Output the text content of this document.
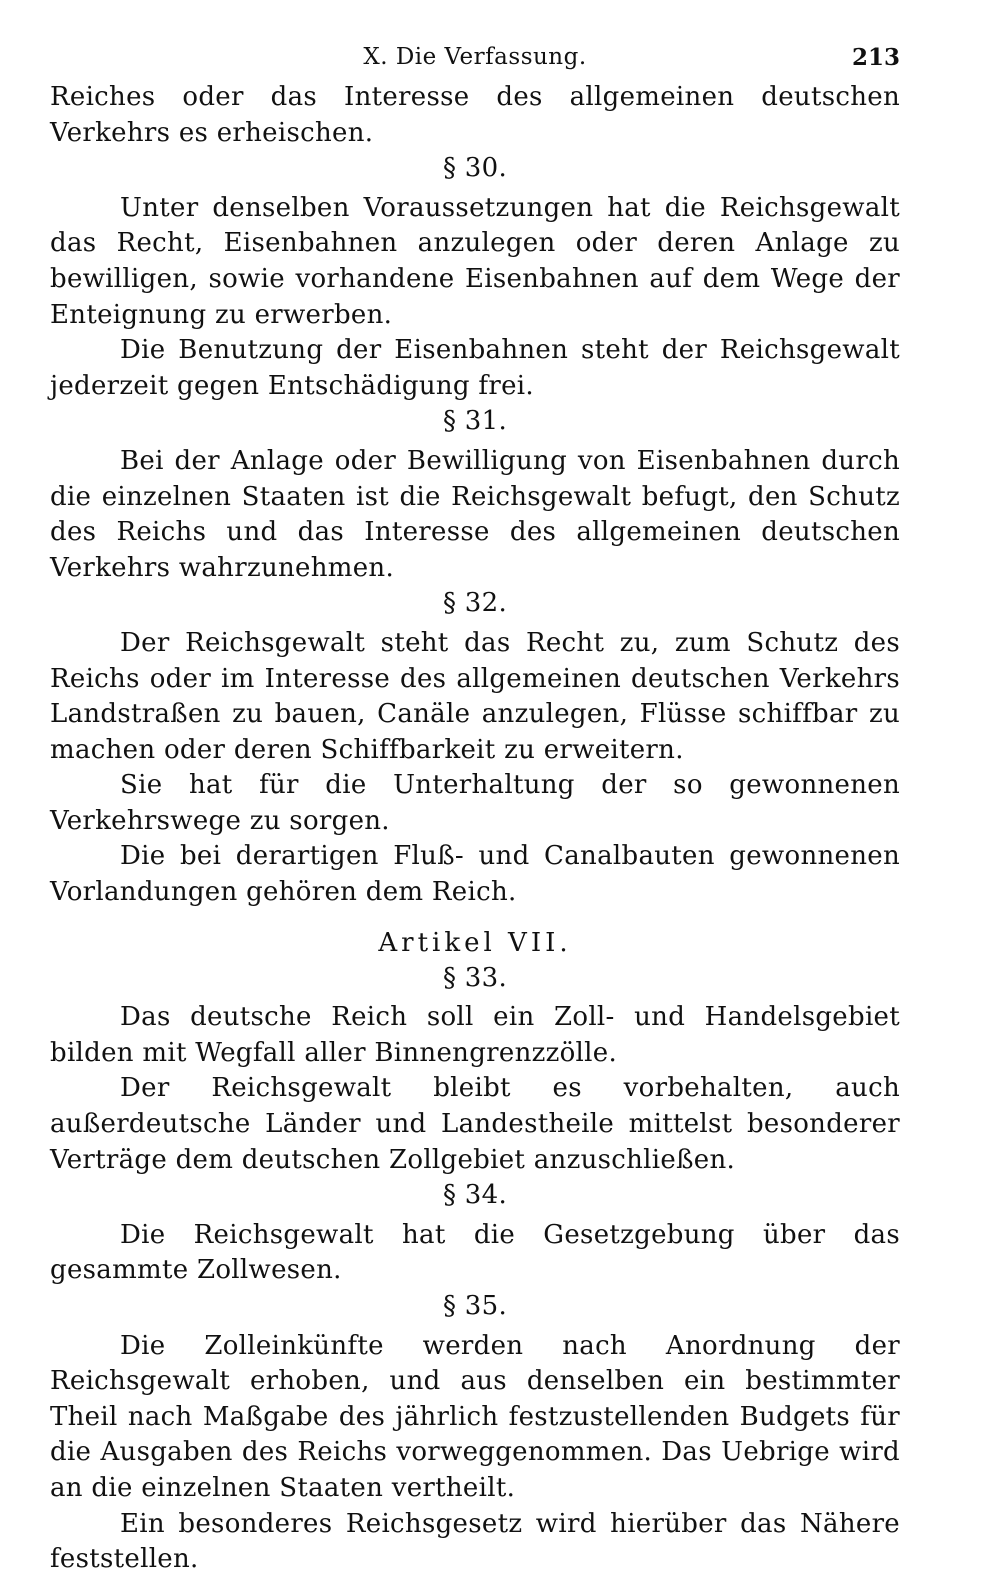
X. Die Verfassung.	213

Reiches oder das Interesse des allgemeinen deutschen Verkehrs es erheischen.

§ 30.

Unter denselben Voraussetzungen hat die Reichsgewalt das Recht, Eisenbahnen anzulegen oder deren Anlage zu bewilligen, sowie vorhandene Eisenbahnen auf dem Wege der Enteignung zu erwerben.

Die Benutzung der Eisenbahnen steht der Reichsgewalt jederzeit gegen Entschädigung frei.

§ 31.

Bei der Anlage oder Bewilligung von Eisenbahnen durch die einzelnen Staaten ist die Reichsgewalt befugt, den Schutz des Reichs und das Interesse des allgemeinen deutschen Verkehrs wahrzunehmen.

§ 32.

Der Reichsgewalt steht das Recht zu, zum Schutz des Reichs oder im Interesse des allgemeinen deutschen Verkehrs Landstraßen zu bauen, Canäle anzulegen, Flüsse schiffbar zu machen oder deren Schiffbarkeit zu erweitern.

Sie hat für die Unterhaltung der so gewonnenen Verkehrswege zu sorgen.

Die bei derartigen Fluß- und Canalbauten gewonnenen Vorlandungen gehören dem Reich.

Artikel VII.
§ 33.

Das deutsche Reich soll ein Zoll- und Handelsgebiet bilden mit Wegfall aller Binnengrenzzölle.

Der Reichsgewalt bleibt es vorbehalten, auch außerdeutsche Länder und Landestheile mittelst besonderer Verträge dem deutschen Zollgebiet anzuschließen.

§ 34.

Die Reichsgewalt hat die Gesetzgebung über das gesammte Zollwesen.

§ 35.

Die Zolleinkünfte werden nach Anordnung der Reichsgewalt erhoben, und aus denselben ein bestimmter Theil nach Maßgabe des jährlich festzustellenden Budgets für die Ausgaben des Reichs vorweggenommen. Das Uebrige wird an die einzelnen Staaten vertheilt.

Ein besonderes Reichsgesetz wird hierüber das Nähere feststellen.
